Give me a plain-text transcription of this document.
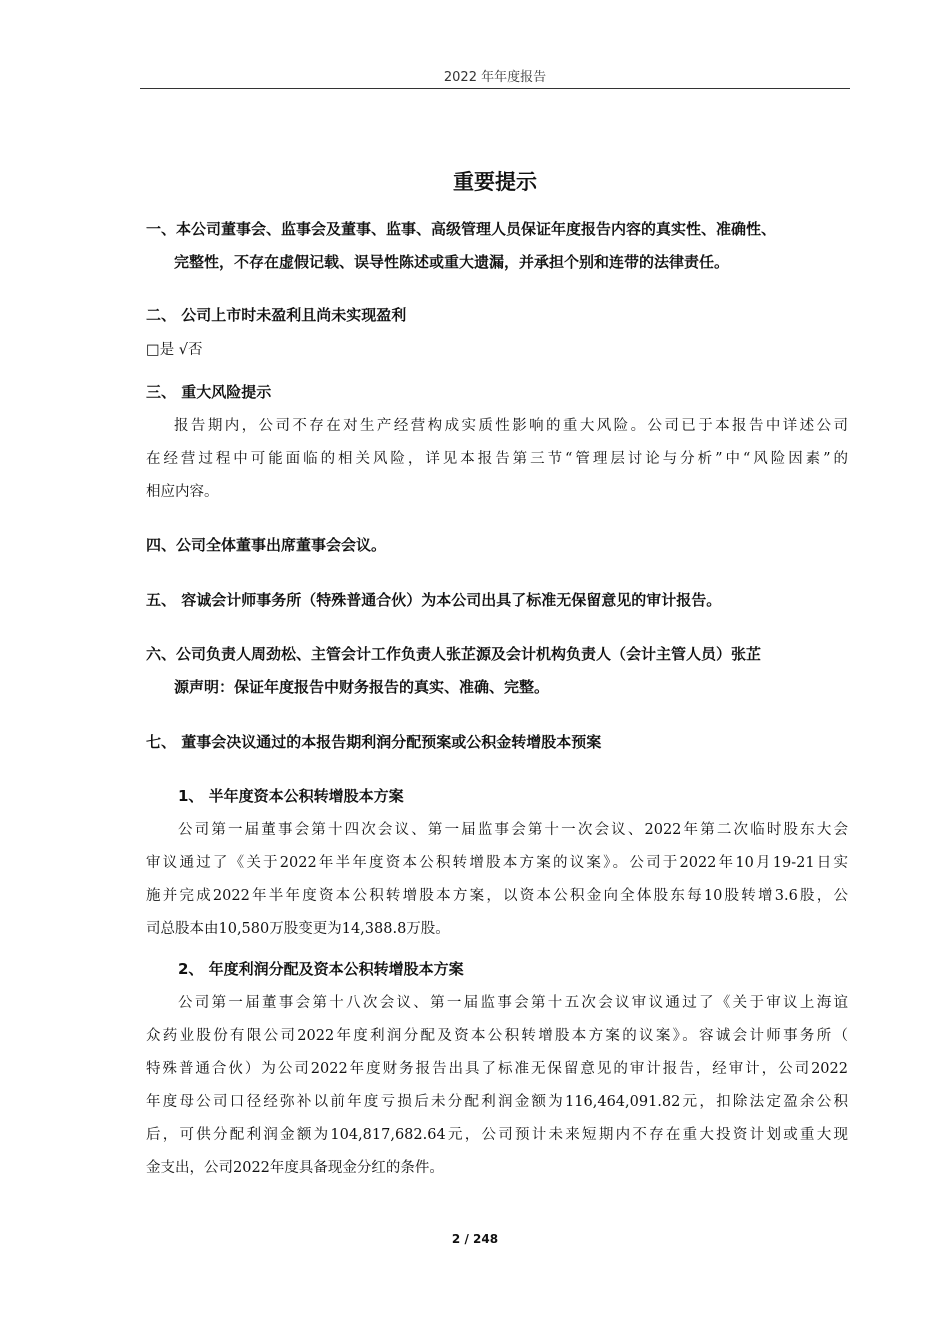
2022 年年度报告
重要提示
一、本公司董事会、监事会及董事、监事、高级管理人员保证年度报告内容的真实性、准确性、
完整性，不存在虚假记载、误导性陈述或重大遗漏，并承担个别和连带的法律责任。
二、 公司上市时未盈利且尚未实现盈利
□是 √否
三、 重大风险提示
报告期内，公司不存在对生产经营构成实质性影响的重大风险。公司已于本报告中详述公司
在经营过程中可能面临的相关风险，详见本报告第三节“管理层讨论与分析”中“风险因素”的
相应内容。
四、公司全体董事出席董事会会议。
五、 容诚会计师事务所（特殊普通合伙）为本公司出具了标准无保留意见的审计报告。
六、公司负责人周劲松、主管会计工作负责人张芷源及会计机构负责人（会计主管人员）张芷
源声明：保证年度报告中财务报告的真实、准确、完整。
七、 董事会决议通过的本报告期利润分配预案或公积金转增股本预案
1、 半年度资本公积转增股本方案
公司第一届董事会第十四次会议、第一届监事会第十一次会议、2022年第二次临时股东大会
审议通过了《关于2022年半年度资本公积转增股本方案的议案》。公司于2022年10月19-21日实
施并完成2022年半年度资本公积转增股本方案，以资本公积金向全体股东每10股转增3.6股，公
司总股本由10,580万股变更为14,388.8万股。
2、 年度利润分配及资本公积转增股本方案
公司第一届董事会第十八次会议、第一届监事会第十五次会议审议通过了《关于审议上海谊
众药业股份有限公司2022年度利润分配及资本公积转增股本方案的议案》。容诚会计师事务所（
特殊普通合伙）为公司2022年度财务报告出具了标准无保留意见的审计报告，经审计，公司2022
年度母公司口径经弥补以前年度亏损后未分配利润金额为116,464,091.82元，扣除法定盈余公积
后，可供分配利润金额为104,817,682.64元，公司预计未来短期内不存在重大投资计划或重大现
金支出，公司2022年度具备现金分红的条件。
2 / 248
